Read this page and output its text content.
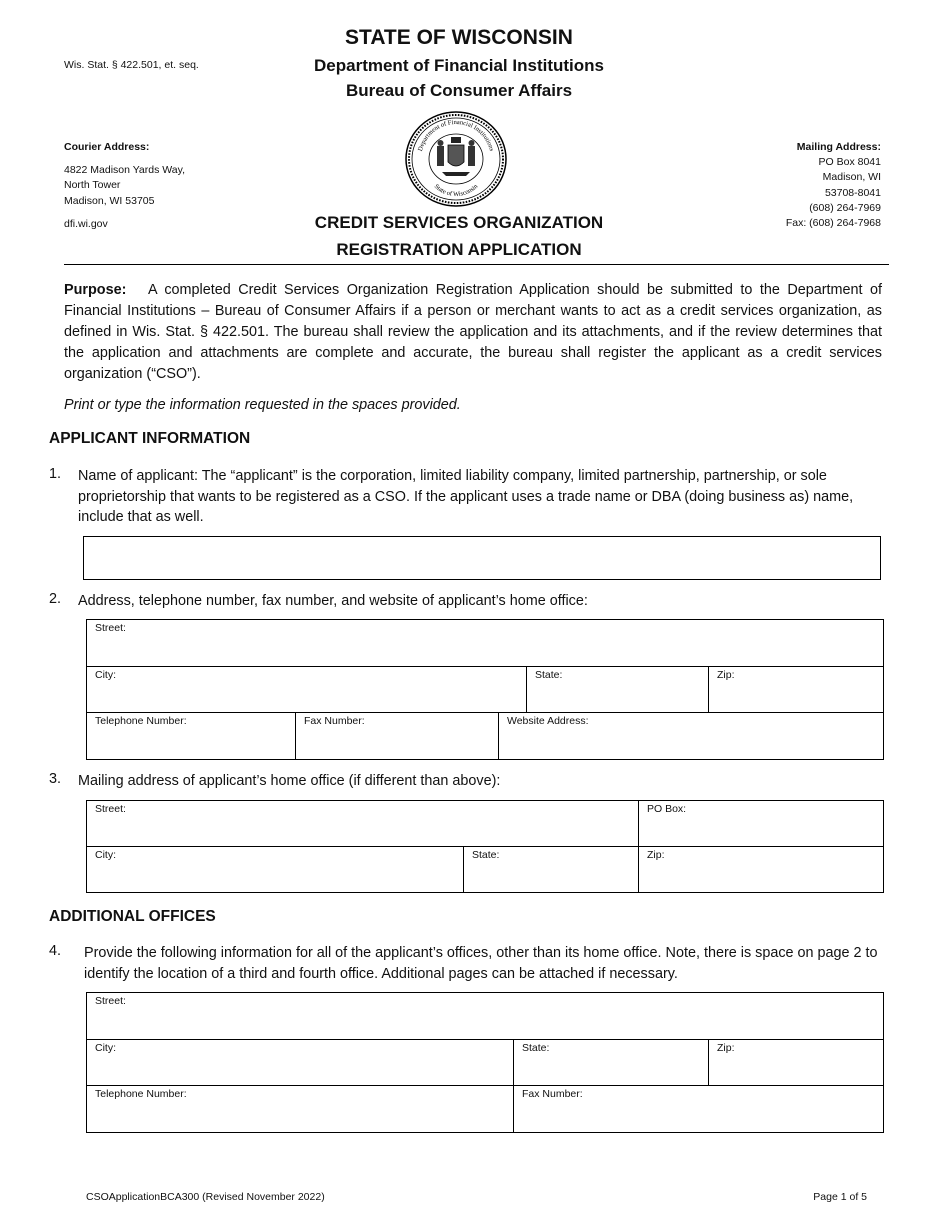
STATE OF WISCONSIN
Department of Financial Institutions
Bureau of Consumer Affairs
Wis. Stat. § 422.501, et. seq.
Courier Address:
4822 Madison Yards Way,
North Tower
Madison, WI 53705
dfi.wi.gov
Mailing Address:
PO Box 8041
Madison, WI
53708-8041
(608) 264-7969
Fax: (608) 264-7968
Department of Financial Institutions
State of Wisconsin
CREDIT SERVICES ORGANIZATION
REGISTRATION APPLICATION
Purpose: A completed Credit Services Organization Registration Application should be submitted to the Department of Financial Institutions – Bureau of Consumer Affairs if a person or merchant wants to act as a credit services organization, as defined in Wis. Stat. § 422.501. The bureau shall review the application and its attachments, and if the review determines that the application and attachments are complete and accurate, the bureau shall register the applicant as a credit services organization (“CSO”).
Print or type the information requested in the spaces provided.
APPLICANT INFORMATION
1. Name of applicant: The “applicant” is the corporation, limited liability company, limited partnership, partnership, or sole proprietorship that wants to be registered as a CSO. If the applicant uses a trade name or DBA (doing business as) name, include that as well.
2. Address, telephone number, fax number, and website of applicant’s home office:
Street:
City:	State:	Zip:
Telephone Number:	Fax Number:	Website Address:
3. Mailing address of applicant’s home office (if different than above):
Street:	PO Box:
City:	State:	Zip:
ADDITIONAL OFFICES
4. Provide the following information for all of the applicant’s offices, other than its home office. Note, there is space on page 2 to identify the location of a third and fourth office. Additional pages can be attached if necessary.
Street:
City:	State:	Zip:
Telephone Number:	Fax Number:
CSOApplicationBCA300 (Revised November 2022)	Page 1 of 5
